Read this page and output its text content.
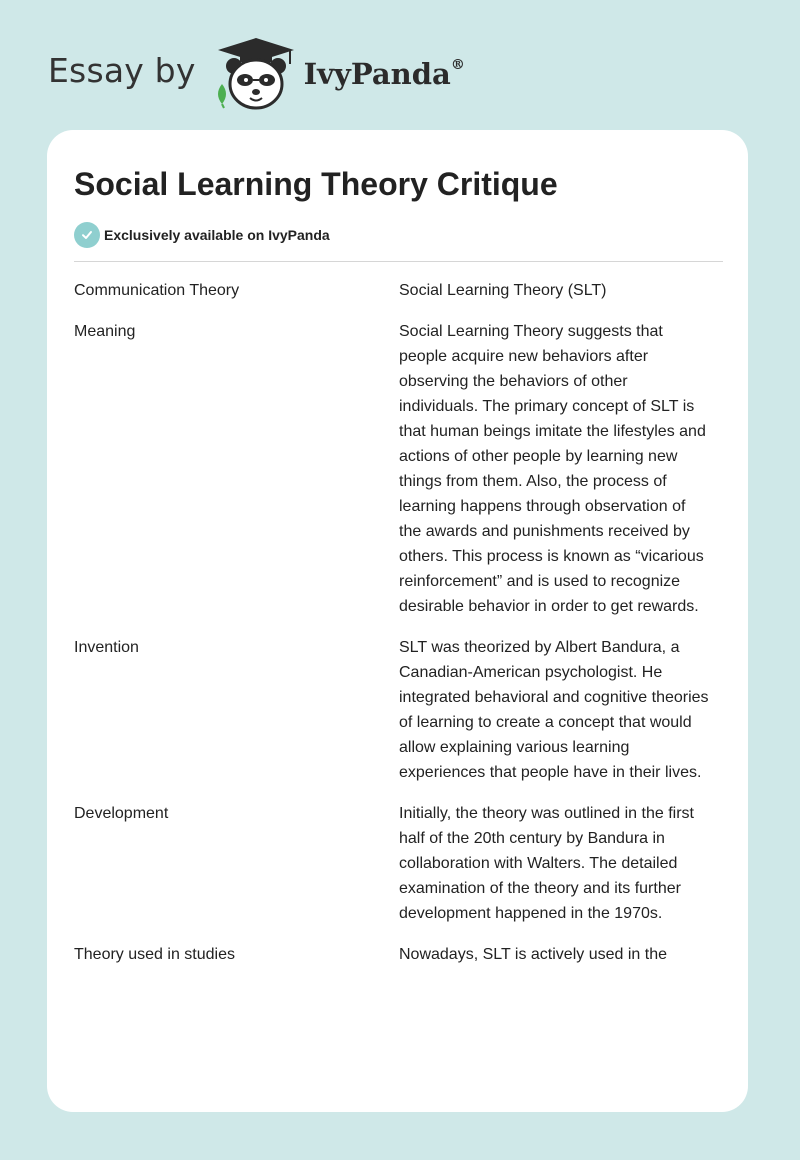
Essay by	IvyPanda®
Social Learning Theory Critique
Exclusively available on IvyPanda
Communication Theory	Social Learning Theory (SLT)
Meaning	Social Learning Theory suggests that people acquire new behaviors after observing the behaviors of other individuals. The primary concept of SLT is that human beings imitate the lifestyles and actions of other people by learning new things from them. Also, the process of learning happens through observation of the awards and punishments received by others. This process is known as “vicarious reinforcement” and is used to recognize desirable behavior in order to get rewards.
Invention	SLT was theorized by Albert Bandura, a Canadian-American psychologist. He integrated behavioral and cognitive theories of learning to create a concept that would allow explaining various learning experiences that people have in their lives.
Development	Initially, the theory was outlined in the first half of the 20th century by Bandura in collaboration with Walters. The detailed examination of the theory and its further development happened in the 1970s.
Theory used in studies	Nowadays, SLT is actively used in the
